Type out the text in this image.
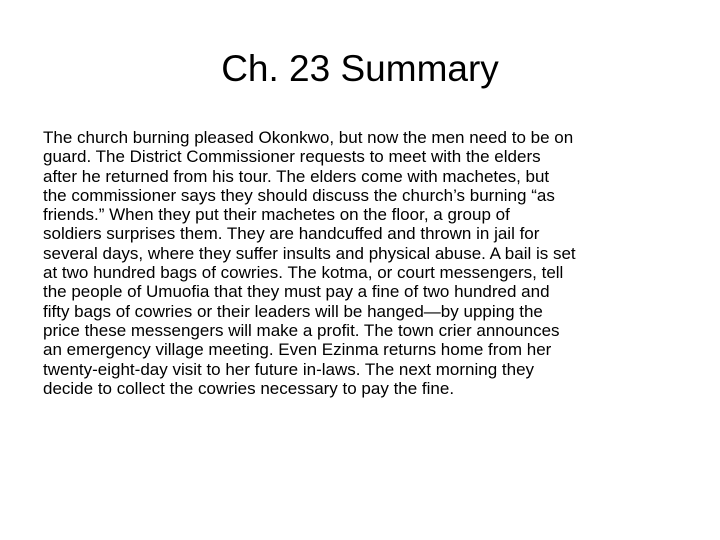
Ch. 23 Summary

The church burning pleased Okonkwo, but now the men need to be on
guard. The District Commissioner requests to meet with the elders
after he returned from his tour. The elders come with machetes, but
the commissioner says they should discuss the church’s burning “as
friends.” When they put their machetes on the floor, a group of
soldiers surprises them. They are handcuffed and thrown in jail for
several days, where they suffer insults and physical abuse. A bail is set
at two hundred bags of cowries. The kotma, or court messengers, tell
the people of Umuofia that they must pay a fine of two hundred and
fifty bags of cowries or their leaders will be hanged—by upping the
price these messengers will make a profit. The town crier announces
an emergency village meeting. Even Ezinma returns home from her
twenty-eight-day visit to her future in-laws. The next morning they
decide to collect the cowries necessary to pay the fine.
